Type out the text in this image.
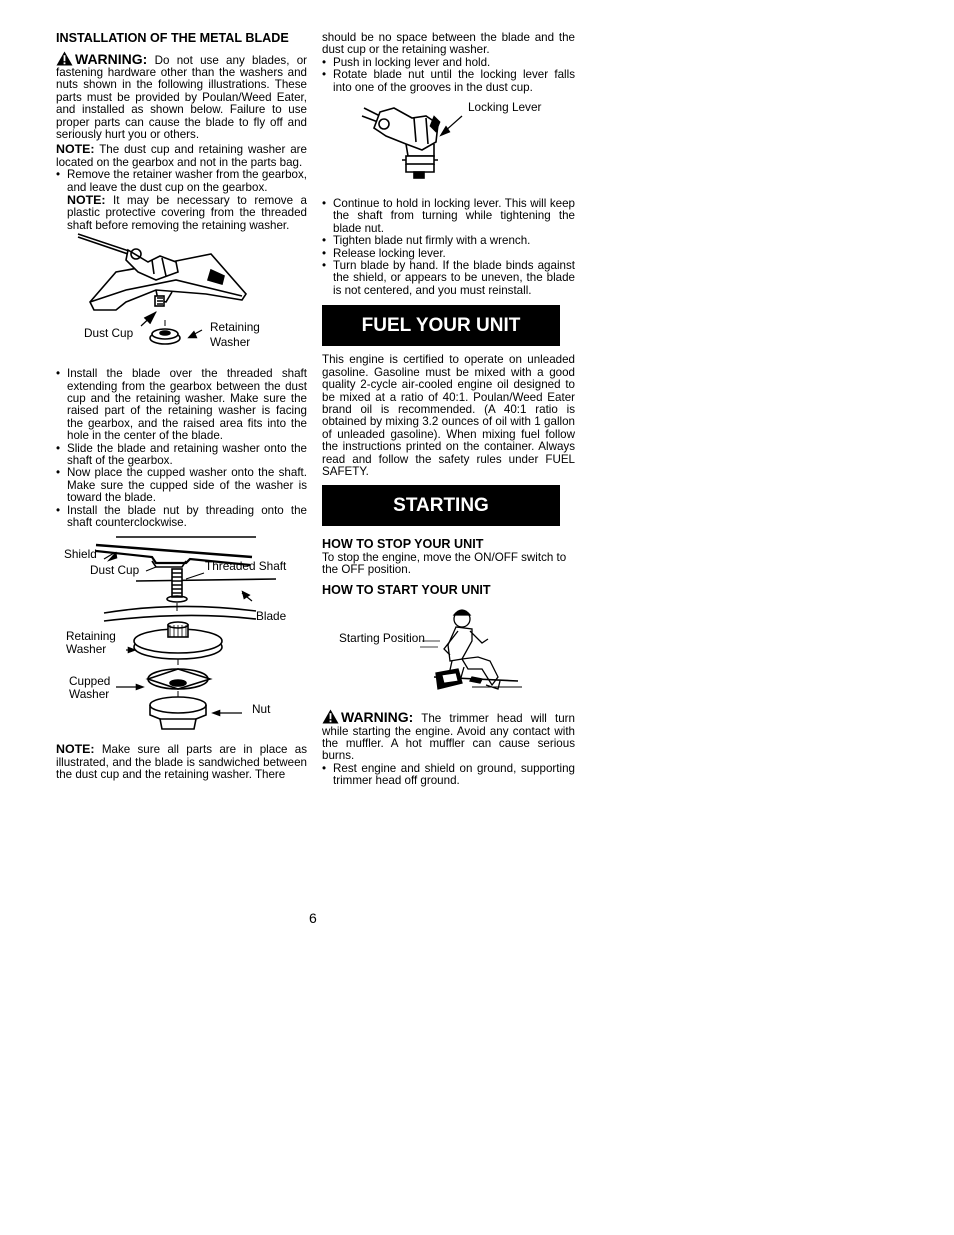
INSTALLATION OF THE METAL BLADE

WARNING: Do not use any blades, or fastening hardware other than the washers and nuts shown in the following illustrations. These parts must be provided by Poulan/Weed Eater, and installed as shown below. Failure to use proper parts can cause the blade to fly off and seriously hurt you or others.

NOTE: The dust cup and retaining washer are located on the gearbox and not in the parts bag.

• Remove the retainer washer from the gearbox, and leave the dust cup on the gearbox.

NOTE: It may be necessary to remove a plastic protective covering from the threaded shaft before removing the retaining washer.

Dust Cup	Retaining
Washer
• Install the blade over the threaded shaft extending from the gearbox between the dust cup and the retaining washer. Make sure the raised part of the retaining washer is facing the gearbox, and the raised area fits into the hole in the center of the blade.
• Slide the blade and retaining washer onto the shaft of the gearbox.
• Now place the cupped washer onto the shaft. Make sure the cupped side of the washer is toward the blade.
• Install the blade nut by threading onto the shaft counterclockwise.
Shield
Dust Cup	Threaded Shaft
Blade
Retaining
Washer
Cupped
Washer
Nut

NOTE: Make sure all parts are in place as illustrated, and the blade is sandwiched between the dust cup and the retaining washer. There

should be no space between the blade and the dust cup or the retaining washer.

• Push in locking lever and hold.
• Rotate blade nut until the locking lever falls into one of the grooves in the dust cup.
Locking Lever
• Continue to hold in locking lever. This will keep the shaft from turning while tightening the blade nut.
• Tighten blade nut firmly with a wrench.
• Release locking lever.
• Turn blade by hand. If the blade binds against the shield, or appears to be uneven, the blade is not centered, and you must reinstall.
FUEL YOUR UNIT

This engine is certified to operate on unleaded gasoline. Gasoline must be mixed with a good quality 2-cycle air-cooled engine oil designed to be mixed at a ratio of 40:1. Poulan/Weed Eater brand oil is recommended. (A 40:1 ratio is obtained by mixing 3.2 ounces of oil with 1 gallon of unleaded gasoline). When mixing fuel follow the instructions printed on the container. Always read and follow the safety rules under FUEL SAFETY.

STARTING

HOW TO STOP YOUR UNIT

To stop the engine, move the ON/OFF switch to the OFF position.

HOW TO START YOUR UNIT

Starting Position

WARNING: The trimmer head will turn while starting the engine. Avoid any contact with the muffler. A hot muffler can cause serious burns.

• Rest engine and shield on ground, supporting trimmer head off ground.
6
